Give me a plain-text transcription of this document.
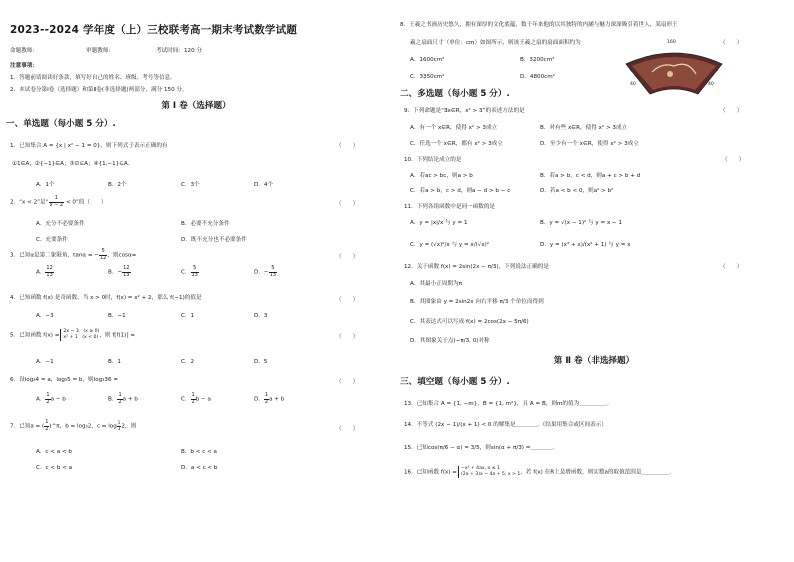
2023--2024 学年度（上）三校联考高一期末考试数学试题
命题教师：	审题教师：	考试时间：120 分
注意事项：
1．答题前请阅读好条款，填写好自己的姓名、班级、考号等信息。
2．本试卷分第Ⅰ卷（选择题）和第Ⅱ卷(非选择题)两部分，满分 150 分。
第 Ⅰ 卷（选择题）
一、单选题（每小题 5 分）.
1．已知集合 A = {x | x² − 1 = 0}，则下列式子表示正确的有	（　　）
①1∈A；②{−1}∈A；③∅⊆A；④{1,−1}⊆A.
A．1个	B．2个	C．3个	D．4个
2．“x < 2”是“ $\frac{1}{x - 2} < 0$”的（　　）	（　　）
A．充分不必要条件	B．必要不充分条件
C．充要条件	D．既不充分也不必要条件
3．已知α是第二象限角，tanα = − $\frac{5}{12}$ ，则cosα=	（　　）
A． $\frac{12}{13}$	B．− $\frac{12}{13}$	C． $\frac{5}{13}$	D．− $\frac{5}{13}$
4．已知函数 f(x) 是奇函数，当 x > 0时，f(x) = x² + 2，那么 f(−1)的值是	（　　）
A．−3	B．−1	C．1	D．3
5．已知函数 f(x) =
2x − 3　(x ≥ 0)
x² + 1　(x < 0) ，则 f[f(1)] =	（　　）
A．−1	B．1	C．2	D．5
6．设log₃4 = a，log₃5 = b，则log₃36 =	（　　）
A． $\frac{1}{2}$ a − b	B． $\frac{1}{2}$ a + b	C． $\frac{1}{2}$ b − a	D． $\frac{1}{2}$ a + b
7．已知a = ( $\frac{1}{2}$ )^π，b = log₃2，$c = \log \frac{1}{3} 2$，则	（　　）
A．c < a < b	B．b < c < a
C．c < b < a	D．a < c < b
8．王羲之书画历史悠久，拥有深厚的文化底蕴，数千年来他的以其独特的内涵与魅力深深吸引着世人，某扇形王
羲之扇面尺寸（单位：cm）如图所示，则该王羲之扇的扇面面积约为	（　　）
A．1600cm²	B．3200cm²
C．3350cm²	D．4800cm²
160
40	40
二、多选题（每小题 5 分）.
9．下列命题是“∃x∈R，x² > 3”的表述方法的是	（　　）
A．有一个 x∈R，使得 x² > 3成立	B．对有些 x∈R，使得 x² > 3成立
C．任选一个 x∈R，都有 x² > 3成立	D．至少有一个 x∈R，使得 x² > 3成立
10．下列结论成立的是	（　　）
A．若ac > bc，则a > b	B．若a > b，c < d，则a + c > b + d
C．若a > b，c > d，则a − d > b − c	D．若a < b < 0，则a² > b²
11．下列各组函数中是同一函数的是
A．y = |x|/x 与 y = 1	B．y = √(x − 1)² 与 y = x − 1
C．y = (√x)²/x 与 y = x/(√x)²	D．y = (x³ + x)/(x² + 1) 与 y = x
12．关于函数 f(x) = 2sin(2x − π/3)，下列说法正确的是	（　　）
A．其最小正周期为π
B．其图象由 y = 2sin2x 向右平移 π/3 个单位而得到
C．其表达式可以写成 f(x) = 2cos(2x − 5π/6)
D．其图象关于点(−π/3, 0)对称
第 Ⅱ 卷（非选择题）
三、填空题（每小题 5 分）.
13．已知集合 A = {1, −m}，B = {1, m²}，且 A = B，则m的值为＿＿＿＿＿.
14．不等式 (2x − 1)/(x + 1) < 0 的解集是＿＿＿＿.（结果用集合或区间表示）
15．已知cos(π/6 − α) = 3/5，则sin(α + π/3) =＿＿＿＿.
16．已知函数 f(x) =
−x² + 4ax, x ≤ 1
(2a + 3)x − 4a + 5, x > 1 ，若 f(x) 在R上是增函数，则实数a的取值范围是＿＿＿＿＿.
